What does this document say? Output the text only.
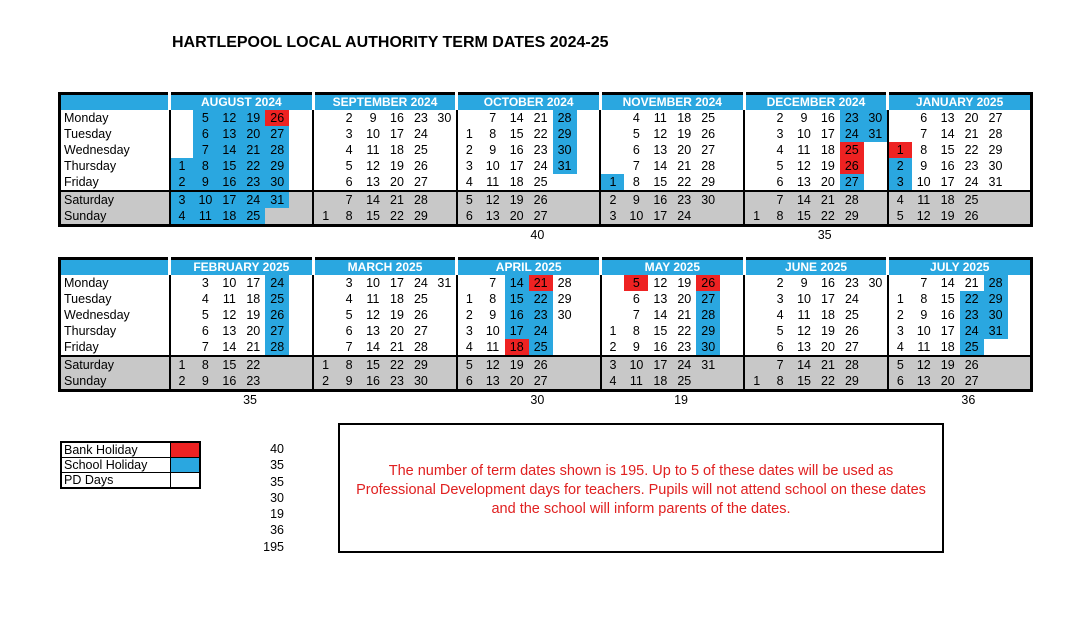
HARTLEPOOL LOCAL AUTHORITY TERM DATES 2024-25
	AUGUST 2024						SEPTEMBER 2024						OCTOBER 2024						NOVEMBER 2024						DECEMBER 2024						JANUARY 2025					
Monday		5	12	19	26			2	9	16	23	30		7	14	21	28			4	11	18	25			2	9	16	23	30		6	13	20	27	
Tuesday		6	13	20	27			3	10	17	24		1	8	15	22	29			5	12	19	26			3	10	17	24	31		7	14	21	28	
Wednesday		7	14	21	28			4	11	18	25		2	9	16	23	30			6	13	20	27			4	11	18	25		1	8	15	22	29	
Thursday	1	8	15	22	29			5	12	19	26		3	10	17	24	31			7	14	21	28			5	12	19	26		2	9	16	23	30	
Friday	2	9	16	23	30			6	13	20	27		4	11	18	25			1	8	15	22	29			6	13	20	27		3	10	17	24	31	
Saturday	3	10	17	24	31			7	14	21	28		5	12	19	26			2	9	16	23	30			7	14	21	28		4	11	18	25		
Sunday	4	11	18	25			1	8	15	22	29		6	13	20	27			3	10	17	24			1	8	15	22	29		5	12	19	26		
	FEBRUARY 2025						MARCH 2025						APRIL 2025						MAY 2025						JUNE 2025						JULY 2025					
Monday		3	10	17	24			3	10	17	24	31		7	14	21	28			5	12	19	26			2	9	16	23	30		7	14	21	28	
Tuesday		4	11	18	25			4	11	18	25		1	8	15	22	29			6	13	20	27			3	10	17	24		1	8	15	22	29	
Wednesday		5	12	19	26			5	12	19	26		2	9	16	23	30			7	14	21	28			4	11	18	25		2	9	16	23	30	
Thursday		6	13	20	27			6	13	20	27		3	10	17	24			1	8	15	22	29			5	12	19	26		3	10	17	24	31	
Friday		7	14	21	28			7	14	21	28		4	11	18	25			2	9	16	23	30			6	13	20	27		4	11	18	25		
Saturday	1	8	15	22			1	8	15	22	29		5	12	19	26			3	10	17	24	31			7	14	21	28		5	12	19	26		
Sunday	2	9	16	23			2	9	16	23	30		6	13	20	27			4	11	18	25			1	8	15	22	29		6	13	20	27		
Bank Holiday	
School Holiday	
PD Days	
40
35
35
30
19
36
195
The number of term dates shown is 195. Up to 5 of these dates will be used as Professional Development days for teachers. Pupils will not attend school on these dates and the school will inform parents of the dates.
40	35
35	30	19	36
